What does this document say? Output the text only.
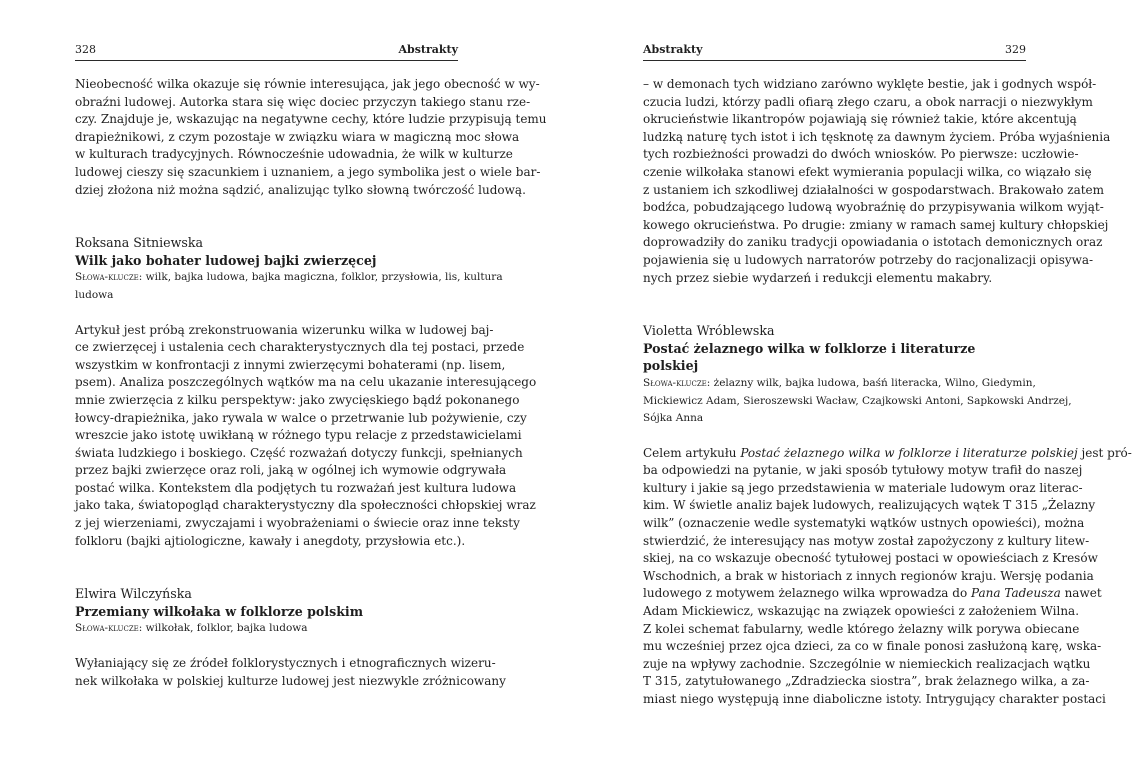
328	Abstrakty
Nieobecność wilka okazuje się równie interesująca, jak jego obecność w wy-
obraźni ludowej. Autorka stara się więc dociec przyczyn takiego stanu rze-
czy. Znajduje je, wskazując na negatywne cechy, które ludzie przypisują temu
drapieżnikowi, z czym pozostaje w związku wiara w magiczną moc słowa
w kulturach tradycyjnych. Równocześnie udowadnia, że wilk w kulturze
ludowej cieszy się szacunkiem i uznaniem, a jego symbolika jest o wiele bar-
dziej złożona niż można sądzić, analizując tylko słowną twórczość ludową.
Roksana Sitniewska
Wilk jako bohater ludowej bajki zwierzęcej
Słowa-klucze: wilk, bajka ludowa, bajka magiczna, folklor, przysłowia, lis, kultura
ludowa
Artykuł jest próbą zrekonstruowania wizerunku wilka w ludowej baj-
ce zwierzęcej i ustalenia cech charakterystycznych dla tej postaci, przede
wszystkim w konfrontacji z innymi zwierzęcymi bohaterami (np. lisem,
psem). Analiza poszczególnych wątków ma na celu ukazanie interesującego
mnie zwierzęcia z kilku perspektyw: jako zwycięskiego bądź pokonanego
łowcy-drapieżnika, jako rywala w walce o przetrwanie lub pożywienie, czy
wreszcie jako istotę uwikłaną w różnego typu relacje z przedstawicielami
świata ludzkiego i boskiego. Część rozważań dotyczy funkcji, spełnianych
przez bajki zwierzęce oraz roli, jaką w ogólnej ich wymowie odgrywała
postać wilka. Kontekstem dla podjętych tu rozważań jest kultura ludowa
jako taka, światopogląd charakterystyczny dla społeczności chłopskiej wraz
z jej wierzeniami, zwyczajami i wyobrażeniami o świecie oraz inne teksty
folkloru (bajki ajtiologiczne, kawały i anegdoty, przysłowia etc.).
Elwira Wilczyńska
Przemiany wilkołaka w folklorze polskim
Słowa-klucze: wilkołak, folklor, bajka ludowa
Wyłaniający się ze źródeł folklorystycznych i etnograficznych wizeru-
nek wilkołaka w polskiej kulturze ludowej jest niezwykle zróżnicowany
Abstrakty	329
– w demonach tych widziano zarówno wyklęte bestie, jak i godnych współ-
czucia ludzi, którzy padli ofiarą złego czaru, a obok narracji o niezwykłym
okrucieństwie likantropów pojawiają się również takie, które akcentują
ludzką naturę tych istot i ich tęsknotę za dawnym życiem. Próba wyjaśnienia
tych rozbieżności prowadzi do dwóch wniosków. Po pierwsze: uczłowie-
czenie wilkołaka stanowi efekt wymierania populacji wilka, co wiązało się
z ustaniem ich szkodliwej działalności w gospodarstwach. Brakowało zatem
bodźca, pobudzającego ludową wyobraźnię do przypisywania wilkom wyjąt-
kowego okrucieństwa. Po drugie: zmiany w ramach samej kultury chłopskiej
doprowadziły do zaniku tradycji opowiadania o istotach demonicznych oraz
pojawienia się u ludowych narratorów potrzeby do racjonalizacji opisywa-
nych przez siebie wydarzeń i redukcji elementu makabry.
Violetta Wróblewska
Postać żelaznego wilka w folklorze i literaturze polskiej
Słowa-klucze: żelazny wilk, bajka ludowa, baśń literacka, Wilno, Giedymin,
Mickiewicz Adam, Sieroszewski Wacław, Czajkowski Antoni, Sapkowski Andrzej,
Sójka Anna
Celem artykułu Postać żelaznego wilka w folklorze i literaturze polskiej jest pró-
ba odpowiedzi na pytanie, w jaki sposób tytułowy motyw trafił do naszej
kultury i jakie są jego przedstawienia w materiale ludowym oraz literac-
kim. W świetle analiz bajek ludowych, realizujących wątek T 315 „Żelazny
wilk” (oznaczenie wedle systematyki wątków ustnych opowieści), można
stwierdzić, że interesujący nas motyw został zapożyczony z kultury litew-
skiej, na co wskazuje obecność tytułowej postaci w opowieściach z Kresów
Wschodnich, a brak w historiach z innych regionów kraju. Wersję podania
ludowego z motywem żelaznego wilka wprowadza do Pana Tadeusza nawet
Adam Mickiewicz, wskazując na związek opowieści z założeniem Wilna.
Z kolei schemat fabularny, wedle którego żelazny wilk porywa obiecane
mu wcześniej przez ojca dzieci, za co w finale ponosi zasłużoną karę, wska-
zuje na wpływy zachodnie. Szczególnie w niemieckich realizacjach wątku
T 315, zatytułowanego „Zdradziecka siostra”, brak żelaznego wilka, a za-
miast niego występują inne diaboliczne istoty. Intrygujący charakter postaci
